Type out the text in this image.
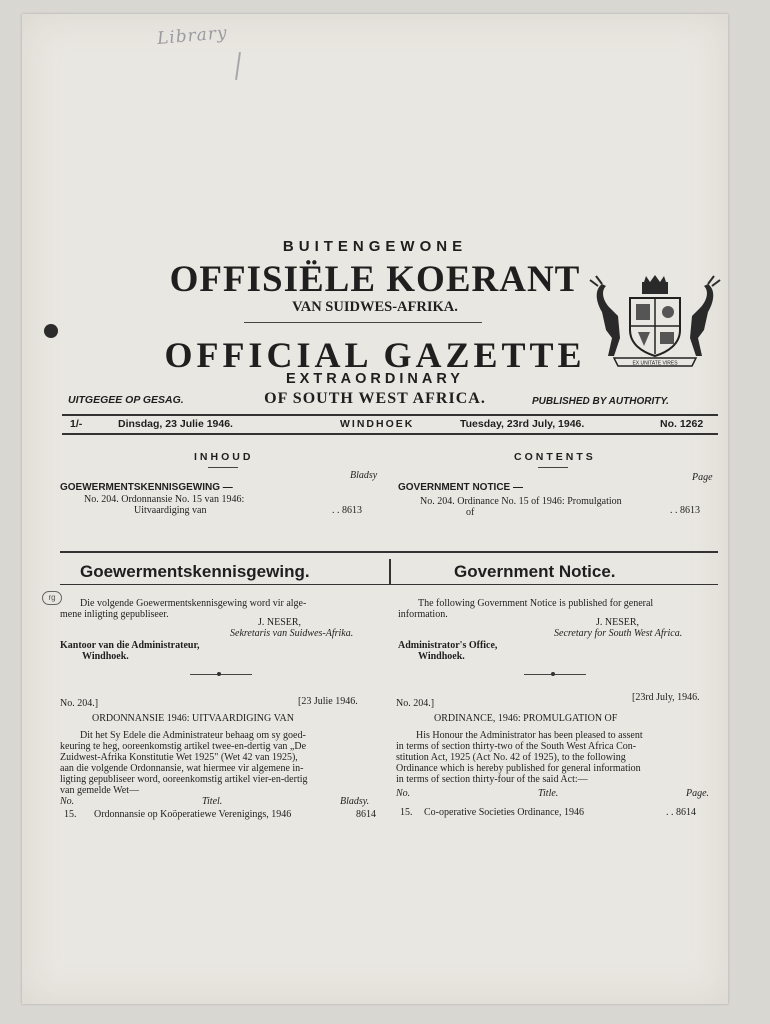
Library
rg
BUITENGEWONE
OFFISIËLE KOERANT
VAN SUIDWES-AFRIKA.
OFFICIAL GAZETTE
EXTRAORDINARY
OF SOUTH WEST AFRICA.
UITGEGEE OP GESAG.	PUBLISHED BY AUTHORITY.
EX UNITATE VIRES
1/-	Dinsdag, 23 Julie 1946.	WINDHOEK	Tuesday, 23rd July, 1946.	No. 1262
INHOUD	CONTENTS
Bladsy	Page
GOEWERMENTSKENNISGEWING —	GOVERNMENT NOTICE —
No. 204. Ordonnansie No. 15 van 1946:
Uitvaardiging van	. . 8613
No. 204. Ordinance No. 15 of 1946: Promulgation
of	. . 8613
Goewermentskennisgewing.	Government Notice.
Die volgende Goewermentskennisgewing word vir alge-
mene inligting gepubliseer.
J. NESER,
Sekretaris van Suidwes-Afrika.
Kantoor van die Administrateur,
Windhoek.
The following Government Notice is published for general
information.
J. NESER,
Secretary for South West Africa.
Administrator's Office,
Windhoek.
No. 204.]	[23 Julie 1946.
ORDONNANSIE 1946: UITVAARDIGING VAN
Dit het Sy Edele die Administrateur behaag om sy goed-
keuring te heg, ooreenkomstig artikel twee-en-dertig van „De
Zuidwest-Afrika Konstitutie Wet 1925" (Wet 42 van 1925),
aan die volgende Ordonnansie, wat hiermee vir algemene in-
ligting gepubliseer word, ooreenkomstig artikel vier-en-dertig
van gemelde Wet—
No.	Titel.	Bladsy.
15. Ordonnansie op Koöperatiewe Verenigings, 1946	8614
No. 204.]
[23rd July, 1946.
ORDINANCE, 1946: PROMULGATION OF
His Honour the Administrator has been pleased to assent
in terms of section thirty-two of the South West Africa Con-
stitution Act, 1925 (Act No. 42 of 1925), to the following
Ordinance which is hereby published for general information
in terms of section thirty-four of the said Act:—
No.	Title.	Page.
15. Co-operative Societies Ordinance, 1946	. . 8614
